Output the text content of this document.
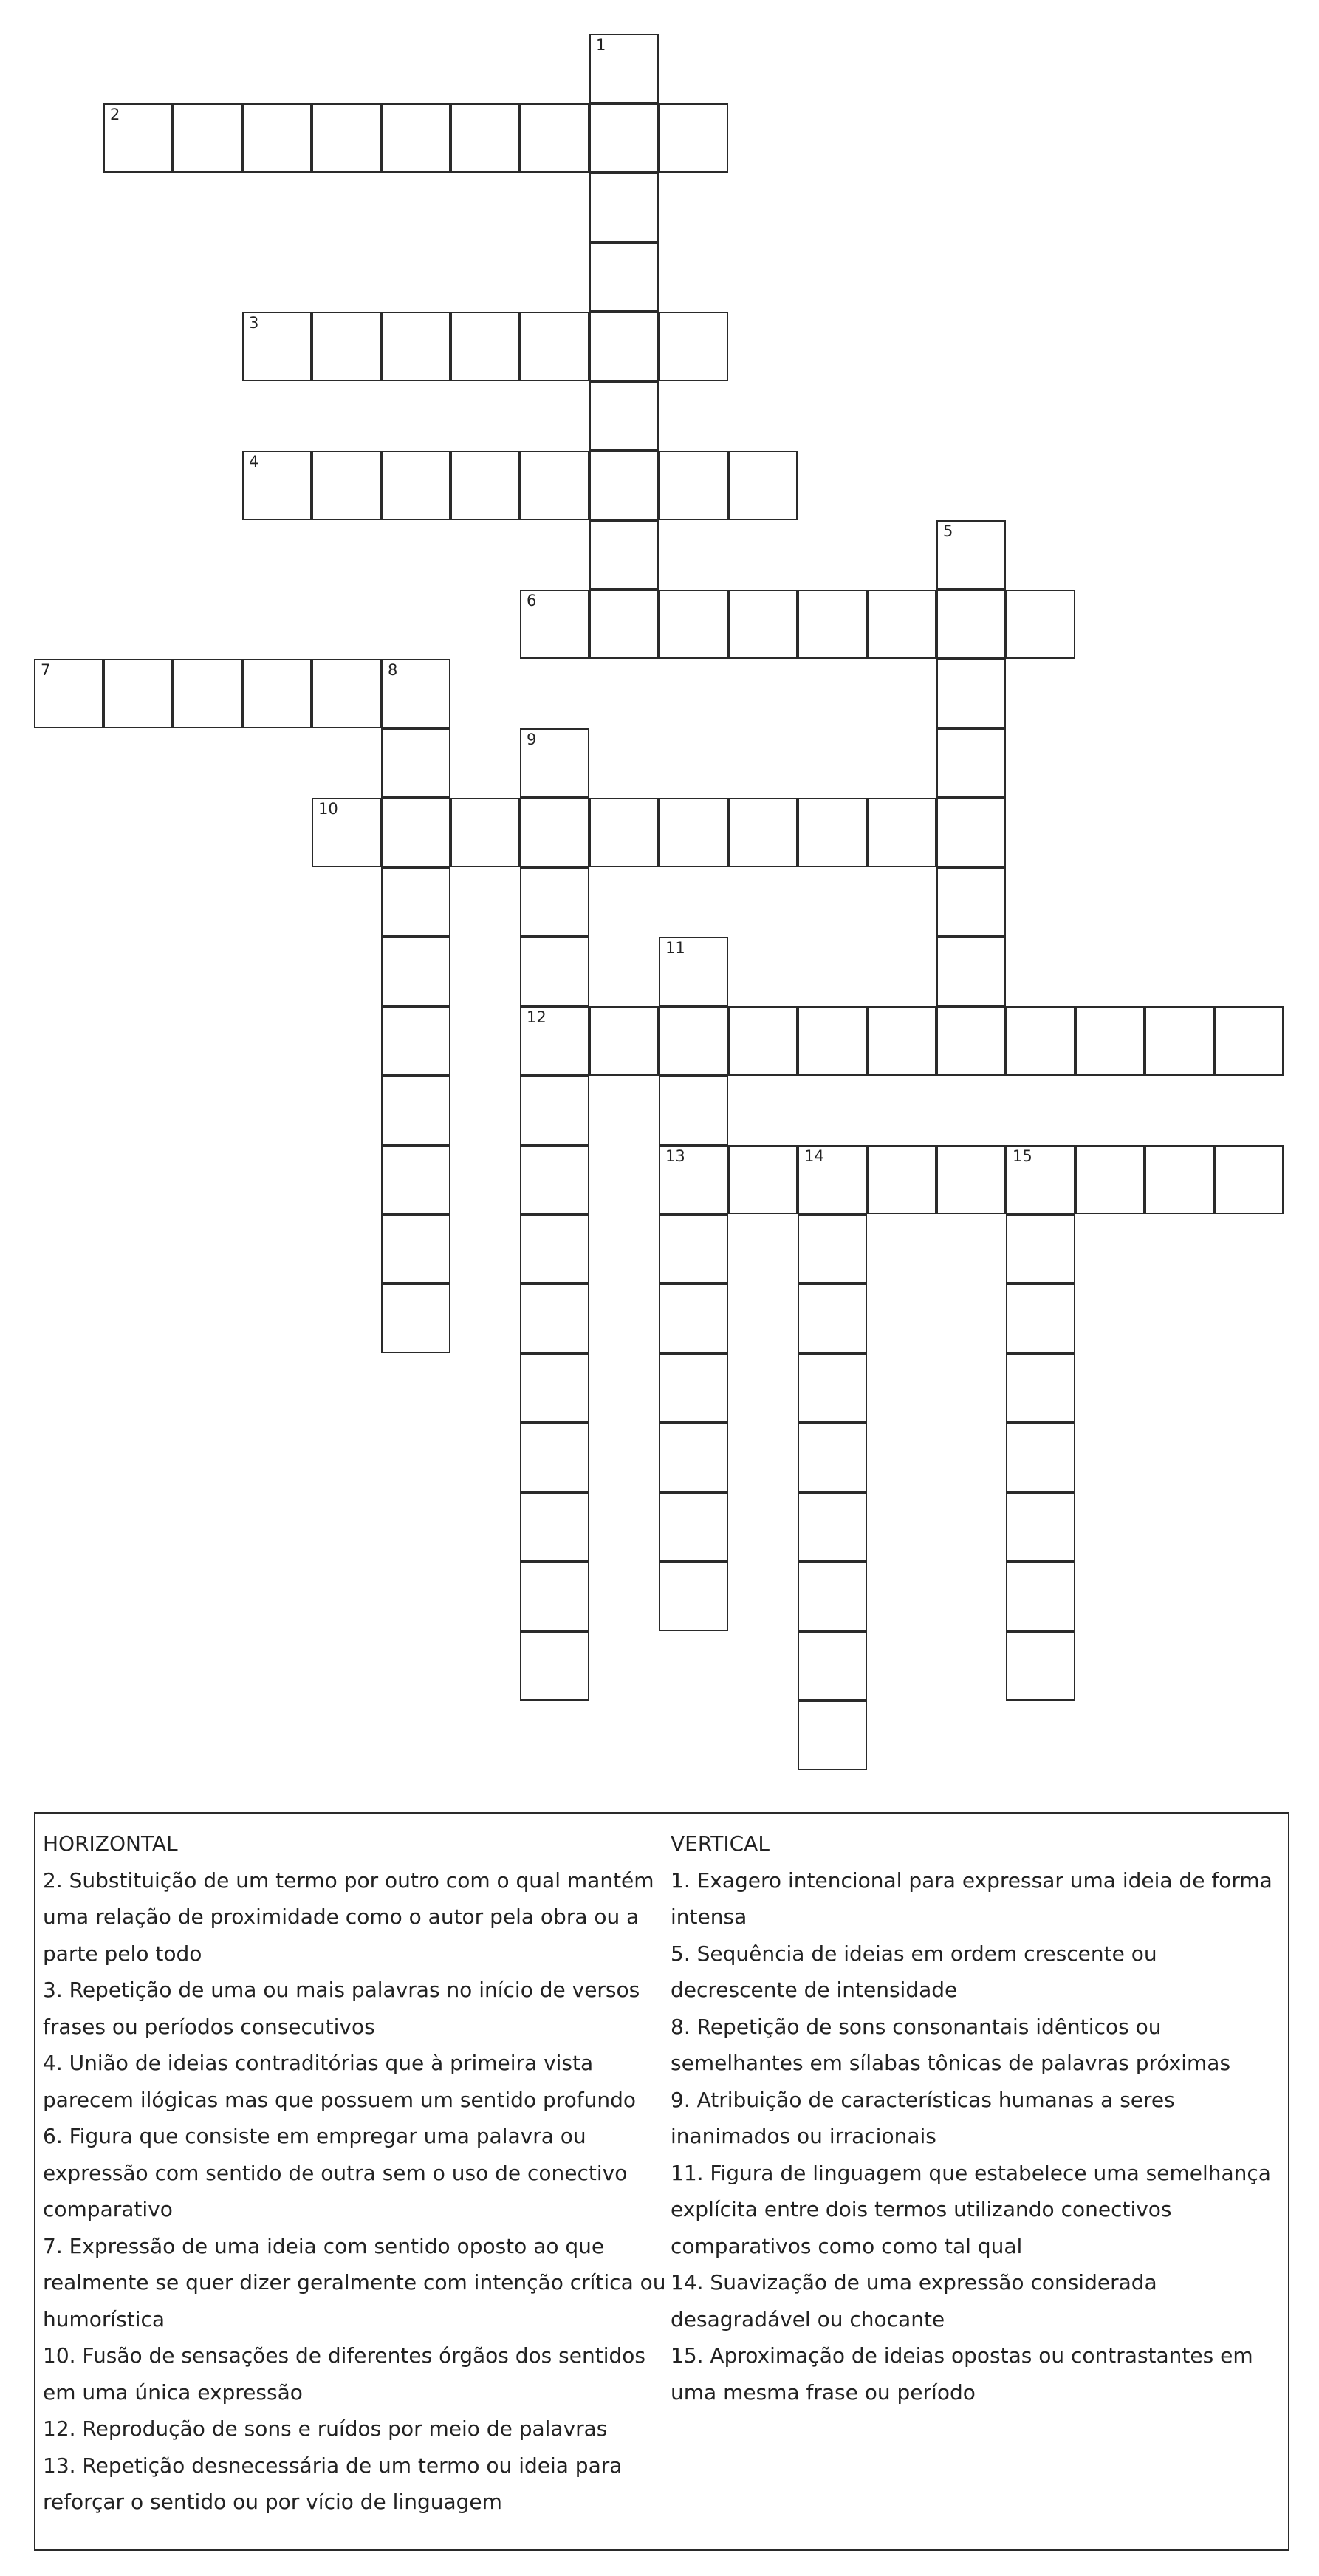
1
2
3
4
5
6
7	8
9
12
10
11
13	14	15

HORIZONTAL

2. Substituição de um termo por outro com o qual mantém uma relação de proximidade como o autor pela obra ou a parte pelo todo

3. Repetição de uma ou mais palavras no início de versos frases ou períodos consecutivos

4. União de ideias contraditórias que à primeira vista parecem ilógicas mas que possuem um sentido profundo

6. Figura que consiste em empregar uma palavra ou expressão com sentido de outra sem o uso de conectivo comparativo

7. Expressão de uma ideia com sentido oposto ao que realmente se quer dizer geralmente com intenção crítica ou humorística

10. Fusão de sensações de diferentes órgãos dos sentidos em uma única expressão

12. Reprodução de sons e ruídos por meio de palavras

13. Repetição desnecessária de um termo ou ideia para reforçar o sentido ou por vício de linguagem

VERTICAL

1. Exagero intencional para expressar uma ideia de forma intensa

5. Sequência de ideias em ordem crescente ou decrescente de intensidade

8. Repetição de sons consonantais idênticos ou semelhantes em sílabas tônicas de palavras próximas

9. Atribuição de características humanas a seres inanimados ou irracionais

11. Figura de linguagem que estabelece uma semelhança explícita entre dois termos utilizando conectivos comparativos como como tal qual

14. Suavização de uma expressão considerada desagradável ou chocante

15. Aproximação de ideias opostas ou contrastantes em uma mesma frase ou período
